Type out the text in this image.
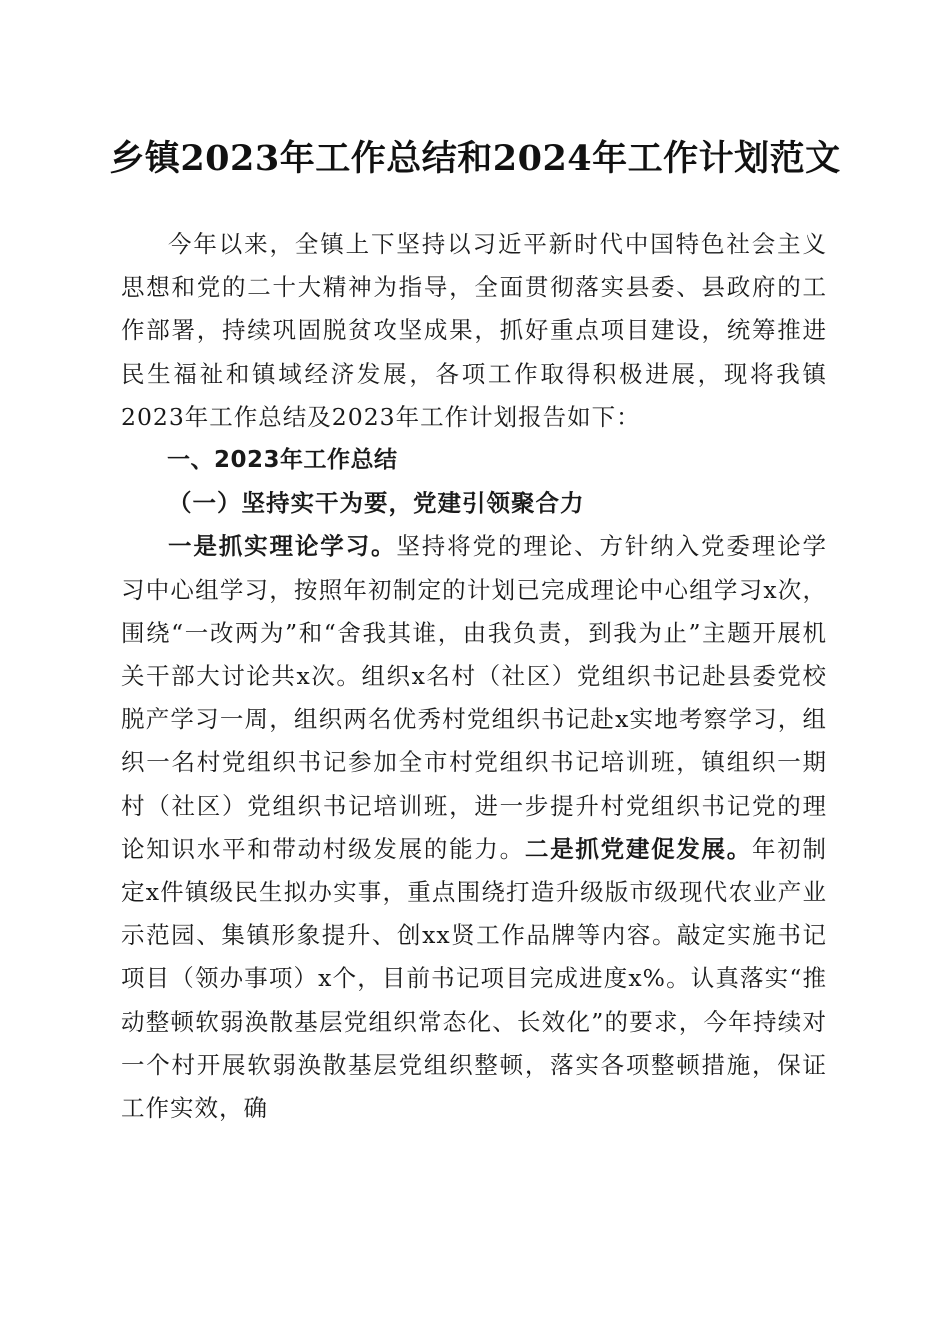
乡镇2023年工作总结和2024年工作计划范文

今年以来，全镇上下坚持以习近平新时代中国特色社会主义思想和党的二十大精神为指导，全面贯彻落实县委、县政府的工作部署，持续巩固脱贫攻坚成果，抓好重点项目建设，统筹推进民生福祉和镇域经济发展，各项工作取得积极进展，现将我镇2023年工作总结及2023年工作计划报告如下：

一、2023年工作总结

（一）坚持实干为要，党建引领聚合力

一是抓实理论学习。坚持将党的理论、方针纳入党委理论学习中心组学习，按照年初制定的计划已完成理论中心组学习x次，围绕“一改两为”和“舍我其谁，由我负责，到我为止”主题开展机关干部大讨论共x次。组织x名村（社区）党组织书记赴县委党校脱产学习一周，组织两名优秀村党组织书记赴x实地考察学习，组织一名村党组织书记参加全市村党组织书记培训班，镇组织一期村（社区）党组织书记培训班，进一步提升村党组织书记党的理论知识水平和带动村级发展的能力。二是抓党建促发展。年初制定x件镇级民生拟办实事，重点围绕打造升级版市级现代农业产业示范园、集镇形象提升、创xx贤工作品牌等内容。敲定实施书记项目（领办事项）x个，目前书记项目完成进度x%。认真落实“推动整顿软弱涣散基层党组织常态化、长效化”的要求，今年持续对一个村开展软弱涣散基层党组织整顿，落实各项整顿措施，保证工作实效，确
